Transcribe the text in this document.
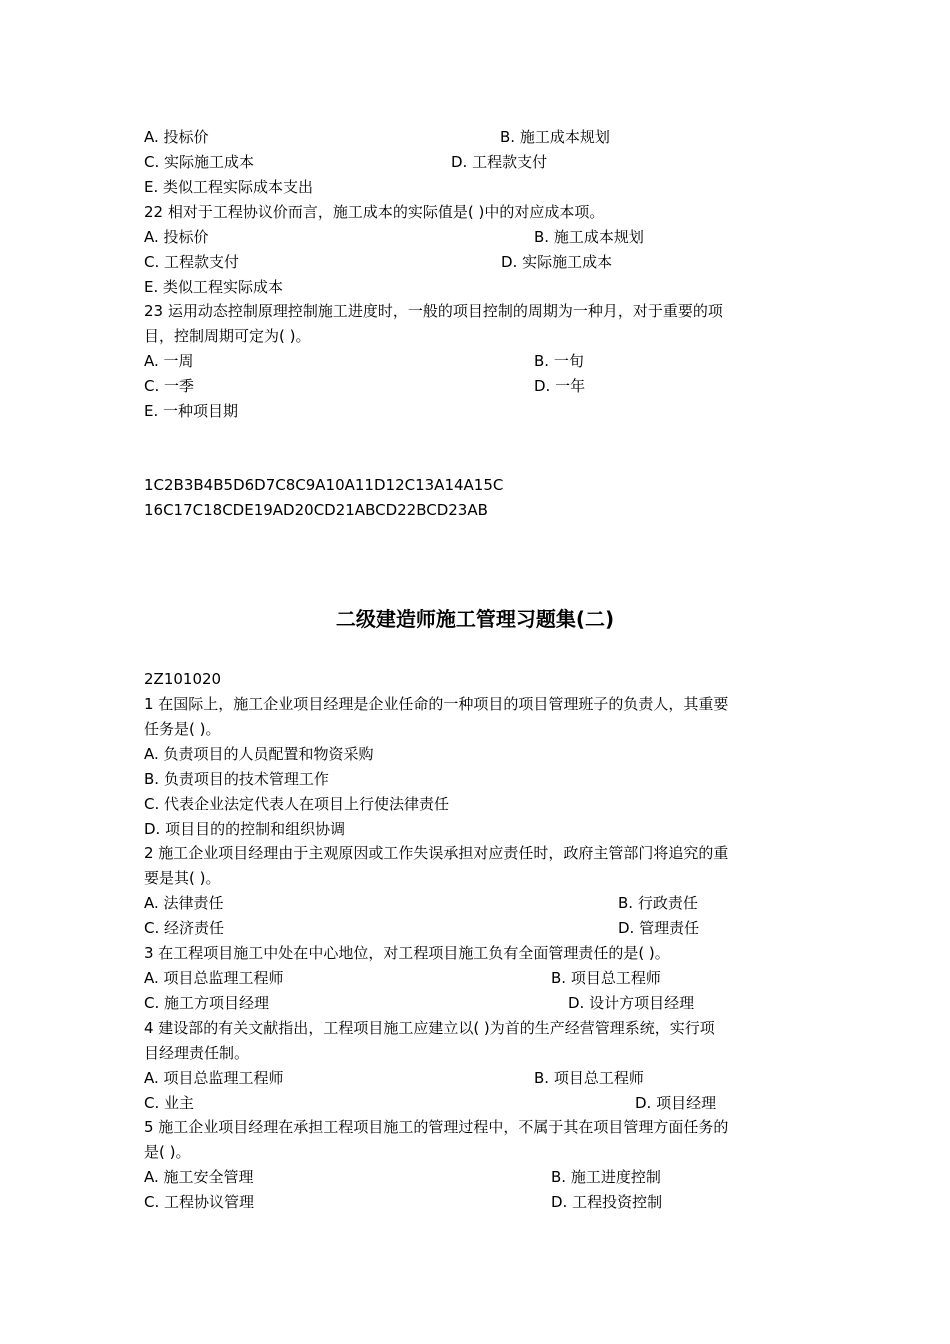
A. 投标价	B. 施工成本规划
C. 实际施工成本	D. 工程款支付
E. 类似工程实际成本支出
22 相对于工程协议价而言，施工成本的实际值是( )中的对应成本项。
A. 投标价	B. 施工成本规划
C. 工程款支付	D. 实际施工成本
E. 类似工程实际成本
23 运用动态控制原理控制施工进度时，一般的项目控制的周期为一种月，对于重要的项
目，控制周期可定为( )。
A. 一周	B. 一旬
C. 一季	D. 一年
E. 一种项目期
1C2B3B4B5D6D7C8C9A10A11D12C13A14A15C
16C17C18CDE19AD20CD21ABCD22BCD23AB
二级建造师施工管理习题集(二)
2Z101020
1 在国际上，施工企业项目经理是企业任命的一种项目的项目管理班子的负责人，其重要
任务是( )。
A. 负责项目的人员配置和物资采购
B. 负责项目的技术管理工作
C. 代表企业法定代表人在项目上行使法律责任
D. 项目目的的控制和组织协调
2 施工企业项目经理由于主观原因或工作失误承担对应责任时，政府主管部门将追究的重
要是其( )。
A. 法律责任	B. 行政责任
C. 经济责任	D. 管理责任
3 在工程项目施工中处在中心地位，对工程项目施工负有全面管理责任的是( )。
A. 项目总监理工程师	B. 项目总工程师
C. 施工方项目经理	D. 设计方项目经理
4 建设部的有关文献指出，工程项目施工应建立以( )为首的生产经营管理系统，实行项
目经理责任制。
A. 项目总监理工程师	B. 项目总工程师
C. 业主	D. 项目经理
5 施工企业项目经理在承担工程项目施工的管理过程中，不属于其在项目管理方面任务的
是( )。
A. 施工安全管理	B. 施工进度控制
C. 工程协议管理	D. 工程投资控制
